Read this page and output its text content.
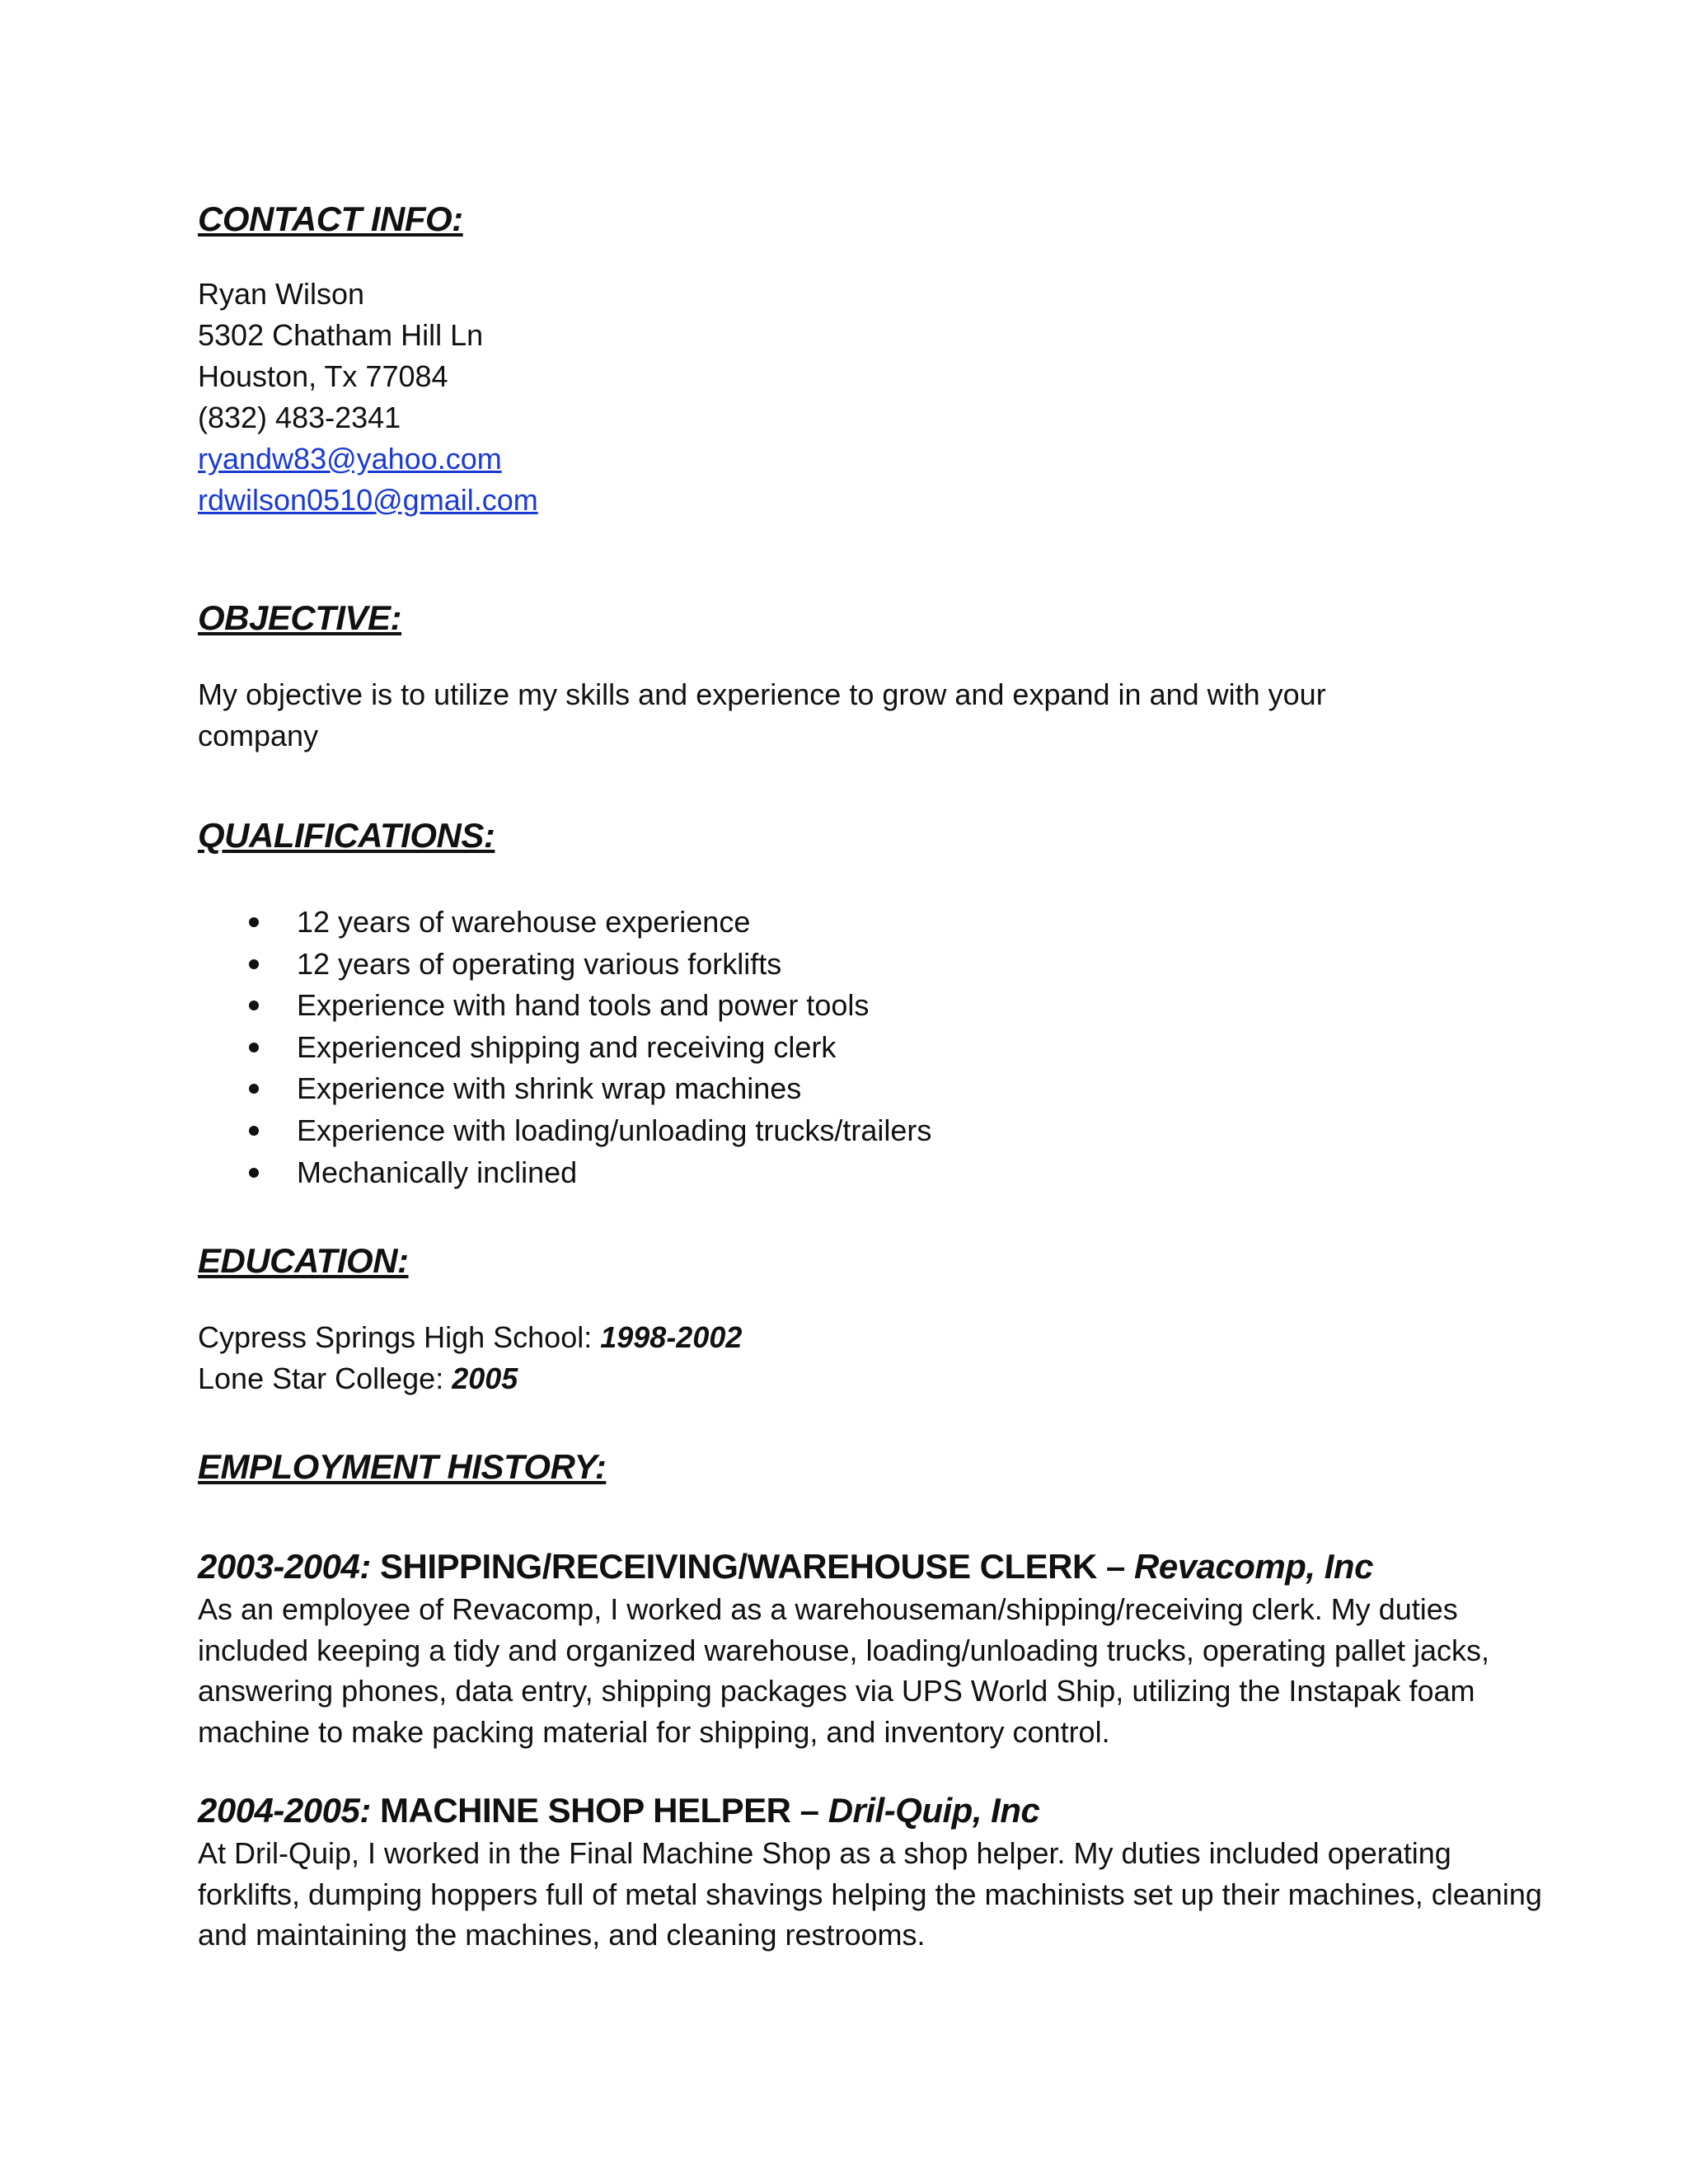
CONTACT INFO:
Ryan Wilson
5302 Chatham Hill Ln
Houston, Tx 77084
(832) 483-2341
ryandw83@yahoo.com
rdwilson0510@gmail.com
OBJECTIVE:

My objective is to utilize my skills and experience to grow and expand in and with your company

QUALIFICATIONS:
12 years of warehouse experience
12 years of operating various forklifts
Experience with hand tools and power tools
Experienced shipping and receiving clerk
Experience with shrink wrap machines
Experience with loading/unloading trucks/trailers
Mechanically inclined
EDUCATION:
Cypress Springs High School: 1998-2002
Lone Star College: 2005
EMPLOYMENT HISTORY:

2003-2004: SHIPPING/RECEIVING/WAREHOUSE CLERK – Revacomp, Inc

As an employee of Revacomp, I worked as a warehouseman/shipping/receiving clerk. My duties included keeping a tidy and organized warehouse, loading/unloading trucks, operating pallet jacks, answering phones, data entry, shipping packages via UPS World Ship, utilizing the Instapak foam machine to make packing material for shipping, and inventory control.

2004-2005: MACHINE SHOP HELPER – Dril-Quip, Inc

At Dril-Quip, I worked in the Final Machine Shop as a shop helper. My duties included operating forklifts, dumping hoppers full of metal shavings helping the machinists set up their machines, cleaning and maintaining the machines, and cleaning restrooms.
